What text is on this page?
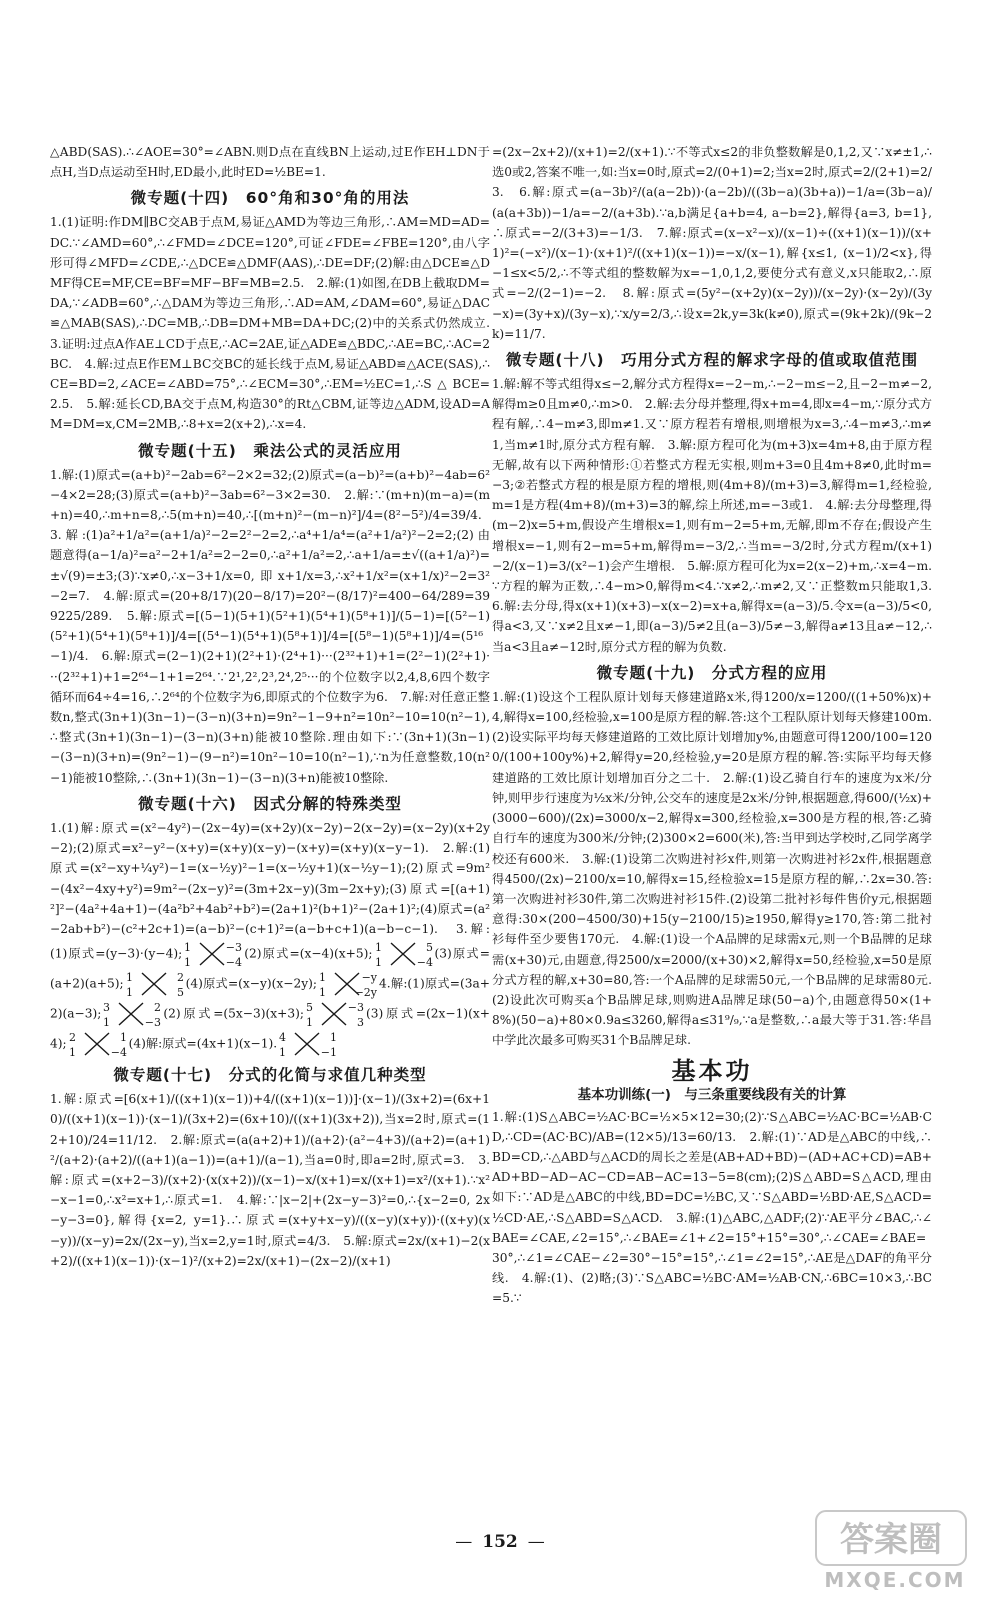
△ABD(SAS).∴∠AOE=30°=∠ABN.则D点在直线BN上运动,过E作EH⊥DN于点H,当D点运动至H时,ED最小,此时ED=½BE=1.

微专题(十四)　60°角和30°角的用法

1.(1)证明:作DM∥BC交AB于点M,易证△AMD为等边三角形,∴AM=MD=AD=DC.∵∠AMD=60°,∴∠FMD=∠DCE=120°,可证∠FDE=∠FBE=120°,由八字形可得∠MFD=∠CDE,∴△DCE≌△DMF(AAS),∴DE=DF;(2)解:由△DCE≌△DMF得CE=MF,CE=BF=MF−BF=MB=2.5.　2.解:(1)如图,在DB上截取DM=DA,∵∠ADB=60°,∴△DAM为等边三角形,∴AD=AM,∠DAM=60°,易证△DAC≌△MAB(SAS),∴DC=MB,∴DB=DM+MB=DA+DC;(2)中的关系式仍然成立.　3.证明:过点A作AE⊥CD于点E,∴AC=2AE,证△ADE≌△BDC,∴AE=BC,∴AC=2BC.　4.解:过点E作EM⊥BC交BC的延长线于点M,易证△ABD≌△ACE(SAS),∴CE=BD=2,∠ACE=∠ABD=75°,∴∠ECM=30°,∴EM=½EC=1,∴S△BCE=2.5.　5.解:延长CD,BA交于点M,构造30°的Rt△CBM,证等边△ADM,设AD=AM=DM=x,CM=2MB,∴8+x=2(x+2),∴x=4.

微专题(十五)　乘法公式的灵活应用

1.解:(1)原式=(a+b)²−2ab=6²−2×2=32;(2)原式=(a−b)²=(a+b)²−4ab=6²−4×2=28;(3)原式=(a+b)²−3ab=6²−3×2=30.　2.解:∵(m+n)(m−a)=(m+n)=40,∴m+n=8,∴5(m+n)=40,∴[(m+n)²−(m−n)²]/4=(8²−5²)/4=39/4.　3.解:(1)a²+1/a²=(a+1/a)²−2=2²−2=2,∴a⁴+1/a⁴=(a²+1/a²)²−2=2;(2)由题意得(a−1/a)²=a²−2+1/a²=2−2=0,∴a²+1/a²=2,∴a+1/a=±√((a+1/a)²)=±√(9)=±3;(3)∵x≠0,∴x−3+1/x=0,即x+1/x=3,∴x²+1/x²=(x+1/x)²−2=3²−2=7.　4.解:原式=(20+8/17)(20−8/17)=20²−(8/17)²=400−64/289=399225/289.　5.解:原式=[(5−1)(5+1)(5²+1)(5⁴+1)(5⁸+1)]/(5−1)=[(5²−1)(5²+1)(5⁴+1)(5⁸+1)]/4=[(5⁴−1)(5⁴+1)(5⁸+1)]/4=[(5⁸−1)(5⁸+1)]/4=(5¹⁶−1)/4.　6.解:原式=(2−1)(2+1)(2²+1)·(2⁴+1)···(2³²+1)+1=(2²−1)(2²+1)···(2³²+1)+1=2⁶⁴−1+1=2⁶⁴.∵2¹,2²,2³,2⁴,2⁵···的个位数字以2,4,8,6四个数字循环而64÷4=16,∴2⁶⁴的个位数字为6,即原式的个位数字为6.　7.解:对任意正整数n,整式(3n+1)(3n−1)−(3−n)(3+n)=9n²−1−9+n²=10n²−10=10(n²−1),∴整式(3n+1)(3n−1)−(3−n)(3+n)能被10整除.理由如下:∵(3n+1)(3n−1)−(3−n)(3+n)=(9n²−1)−(9−n²)=10n²−10=10(n²−1),∵n为任意整数,10(n²−1)能被10整除,∴(3n+1)(3n−1)−(3−n)(3+n)能被10整除.

微专题(十六)　因式分解的特殊类型

1.(1)解:原式=(x²−4y²)−(2x−4y)=(x+2y)(x−2y)−2(x−2y)=(x−2y)(x+2y−2);(2)原式=x²−y²−(x+y)=(x+y)(x−y)−(x+y)=(x+y)(x−y−1).　2.解:(1)原式=(x²−xy+¼y²)−1=(x−½y)²−1=(x−½y+1)(x−½y−1);(2)原式=9m²−(4x²−4xy+y²)=9m²−(2x−y)²=(3m+2x−y)(3m−2x+y);(3)原式=[(a+1)²]²−(4a²+4a+1)−(4a²b²+4ab²+b²)=(2a+1)²(b+1)²−(2a+1)²;(4)原式=(a²−2ab+b²)−(c²+2c+1)=(a−b)²−(c+1)²=(a−b+c+1)(a−b−c−1).　3.解:(1)原式=(y−3)·(y−4); 1
1
−3
−4
(2)原式=(x−4)(x+5); 1
1
5
−4
(3)原式=(a+2)(a+5); 1
1
2
5
(4)原式=(x−y)(x−2y); 1
1
−y
−2y
4.解:(1)原式=(3a+2)(a−3); 3
1
2
−3
(2)原式=(5x−3)(x+3); 5
1
−3
3
(3)原式=(2x−1)(x+4); 2
1
1
−4
(4)解:原式=(4x+1)(x−1). 4
1
1
−1

微专题(十七)　分式的化简与求值几种类型

1.解:原式=[6(x+1)/((x+1)(x−1))+4/((x+1)(x−1))]·(x−1)/(3x+2)=(6x+10)/((x+1)(x−1))·(x−1)/(3x+2)=(6x+10)/((x+1)(3x+2)),当x=2时,原式=(12+10)/24=11/12.　2.解:原式=(a(a+2)+1)/(a+2)·(a²−4+3)/(a+2)=(a+1)²/(a+2)·(a+2)/((a+1)(a−1))=(a+1)/(a−1),当a=0时,即a=2时,原式=3.　3.解:原式=(x+2−3)/(x+2)·(x(x+2))/(x−1)−x/(x+1)=x/(x+1)=x²/(x+1).∵x²−x−1=0,∴x²=x+1,∴原式=1.　4.解:∵|x−2|+(2x−y−3)²=0,∴{x−2=0, 2x−y−3=0},解得{x=2, y=1}.∴原式=(x+y+x−y)/((x−y)(x+y))·((x+y)(x−y))/(x−y)=2x/(2x−y),当x=2,y=1时,原式=4/3.　5.解:原式=2x/(x+1)−2(x+2)/((x+1)(x−1))·(x−1)²/(x+2)=2x/(x+1)−(2x−2)/(x+1)

=(2x−2x+2)/(x+1)=2/(x+1).∵不等式x≤2的非负整数解是0,1,2,又∵x≠±1,∴选0或2,答案不唯一,如:当x=0时,原式=2/(0+1)=2;当x=2时,原式=2/(2+1)=2/3.　6.解:原式=(a−3b)²/(a(a−2b))·(a−2b)/((3b−a)(3b+a))−1/a=(3b−a)/(a(a+3b))−1/a=−2/(a+3b).∵a,b满足{a+b=4, a−b=2},解得{a=3, b=1},∴原式=−2/(3+3)=−1/3.　7.解:原式=(x−x²−x)/(x−1)÷((x+1)(x−1))/(x+1)²=(−x²)/(x−1)·(x+1)²/((x+1)(x−1))=−x/(x−1),解{x≤1, (x−1)/2<x},得−1≤x<5/2,∴不等式组的整数解为x=−1,0,1,2,要使分式有意义,x只能取2,∴原式=−2/(2−1)=−2.　8.解:原式=(5y²−(x+2y)(x−2y))/(x−2y)·(x−2y)/(3y−x)=(3y+x)/(3y−x),∵x/y=2/3,∴设x=2k,y=3k(k≠0),原式=(9k+2k)/(9k−2k)=11/7.

微专题(十八)　巧用分式方程的解求字母的值或取值范围

1.解:解不等式组得x≤−2,解分式方程得x=−2−m,∴−2−m≤−2,且−2−m≠−2,解得m≥0且m≠0,∴m>0.　2.解:去分母并整理,得x+m=4,即x=4−m,∵原分式方程有解,∴4−m≠3,即m≠1.又∵原方程若有增根,则增根为x=3,∴4−m≠3,∴m≠1,当m≠1时,原分式方程有解.　3.解:原方程可化为(m+3)x=4m+8,由于原方程无解,故有以下两种情形:①若整式方程无实根,则m+3=0且4m+8≠0,此时m=−3;②若整式方程的根是原方程的增根,则(4m+8)/(m+3)=3,解得m=1,经检验,m=1是方程(4m+8)/(m+3)=3的解,综上所述,m=−3或1.　4.解:去分母整理,得(m−2)x=5+m,假设产生增根x=1,则有m−2=5+m,无解,即m不存在;假设产生增根x=−1,则有2−m=5+m,解得m=−3/2,∴当m=−3/2时,分式方程m/(x+1)−2/(x−1)=3/(x²−1)会产生增根.　5.解:原方程可化为x=2(x−2)+m,∴x=4−m.∵方程的解为正数,∴4−m>0,解得m<4.∵x≠2,∴m≠2,又∵正整数m只能取1,3.　6.解:去分母,得x(x+1)(x+3)−x(x−2)=x+a,解得x=(a−3)/5.令x=(a−3)/5<0,得a<3,又∵x≠2且x≠−1,即(a−3)/5≠2且(a−3)/5≠−3,解得a≠13且a≠−12,∴当a<3且a≠−12时,原分式方程的解为负数.

微专题(十九)　分式方程的应用

1.解:(1)设这个工程队原计划每天修建道路x米,得1200/x=1200/((1+50%)x)+4,解得x=100,经检验,x=100是原方程的解.答:这个工程队原计划每天修建100m.(2)设实际平均每天修建道路的工效比原计划增加y%,由题意可得1200/100=1200/(100+100y%)+2,解得y=20,经检验,y=20是原方程的解.答:实际平均每天修建道路的工效比原计划增加百分之二十.　2.解:(1)设乙骑自行车的速度为x米/分钟,则甲步行速度为½x米/分钟,公交车的速度是2x米/分钟,根据题意,得600/(½x)+(3000−600)/(2x)=3000/x−2,解得x=300,经检验,x=300是方程的根,答:乙骑自行车的速度为300米/分钟;(2)300×2=600(米),答:当甲到达学校时,乙同学离学校还有600米.　3.解:(1)设第二次购进衬衫x件,则第一次购进衬衫2x件,根据题意得4500/(2x)−2100/x=10,解得x=15,经检验x=15是原方程的解,∴2x=30.答:第一次购进衬衫30件,第二次购进衬衫15件.(2)设第二批衬衫每件售价y元,根据题意得:30×(200−4500/30)+15(y−2100/15)≥1950,解得y≥170,答:第二批衬衫每件至少要售170元.　4.解:(1)设一个A品牌的足球需x元,则一个B品牌的足球需(x+30)元,由题意,得2500/x=2000/(x+30)×2,解得x=50,经检验,x=50是原分式方程的解,x+30=80,答:一个A品牌的足球需50元,一个B品牌的足球需80元.(2)设此次可购买a个B品牌足球,则购进A品牌足球(50−a)个,由题意得50×(1+8%)(50−a)+80×0.9a≤3260,解得a≤31⁹/₉,∵a是整数,∴a最大等于31.答:华昌中学此次最多可购买31个B品牌足球.

基本功
基本功训练(一)　与三条重要线段有关的计算

1.解:(1)S△ABC=½AC·BC=½×5×12=30;(2)∵S△ABC=½AC·BC=½AB·CD,∴CD=(AC·BC)/AB=(12×5)/13=60/13.　2.解:(1)∵AD是△ABC的中线,∴BD=CD,∴△ABD与△ACD的周长之差是(AB+AD+BD)−(AD+AC+CD)=AB+AD+BD−AD−AC−CD=AB−AC=13−5=8(cm);(2)S△ABD=S△ACD,理由如下:∵AD是△ABC的中线,BD=DC=½BC,又∵S△ABD=½BD·AE,S△ACD=½CD·AE,∴S△ABD=S△ACD.　3.解:(1)△ABC,△ADF;(2)∵AE平分∠BAC,∴∠BAE=∠CAE,∠2=15°,∴∠BAE=∠1+∠2=15°+15°=30°,∴∠CAE=∠BAE=30°,∴∠1=∠CAE−∠2=30°−15°=15°,∴∠1=∠2=15°,∴AE是△DAF的角平分线.　4.解:(1)、(2)略;(3)∵S△ABC=½BC·AM=½AB·CN,∴6BC=10×3,∴BC=5.∵

— 152 —	答案圈
MXQE.COM
